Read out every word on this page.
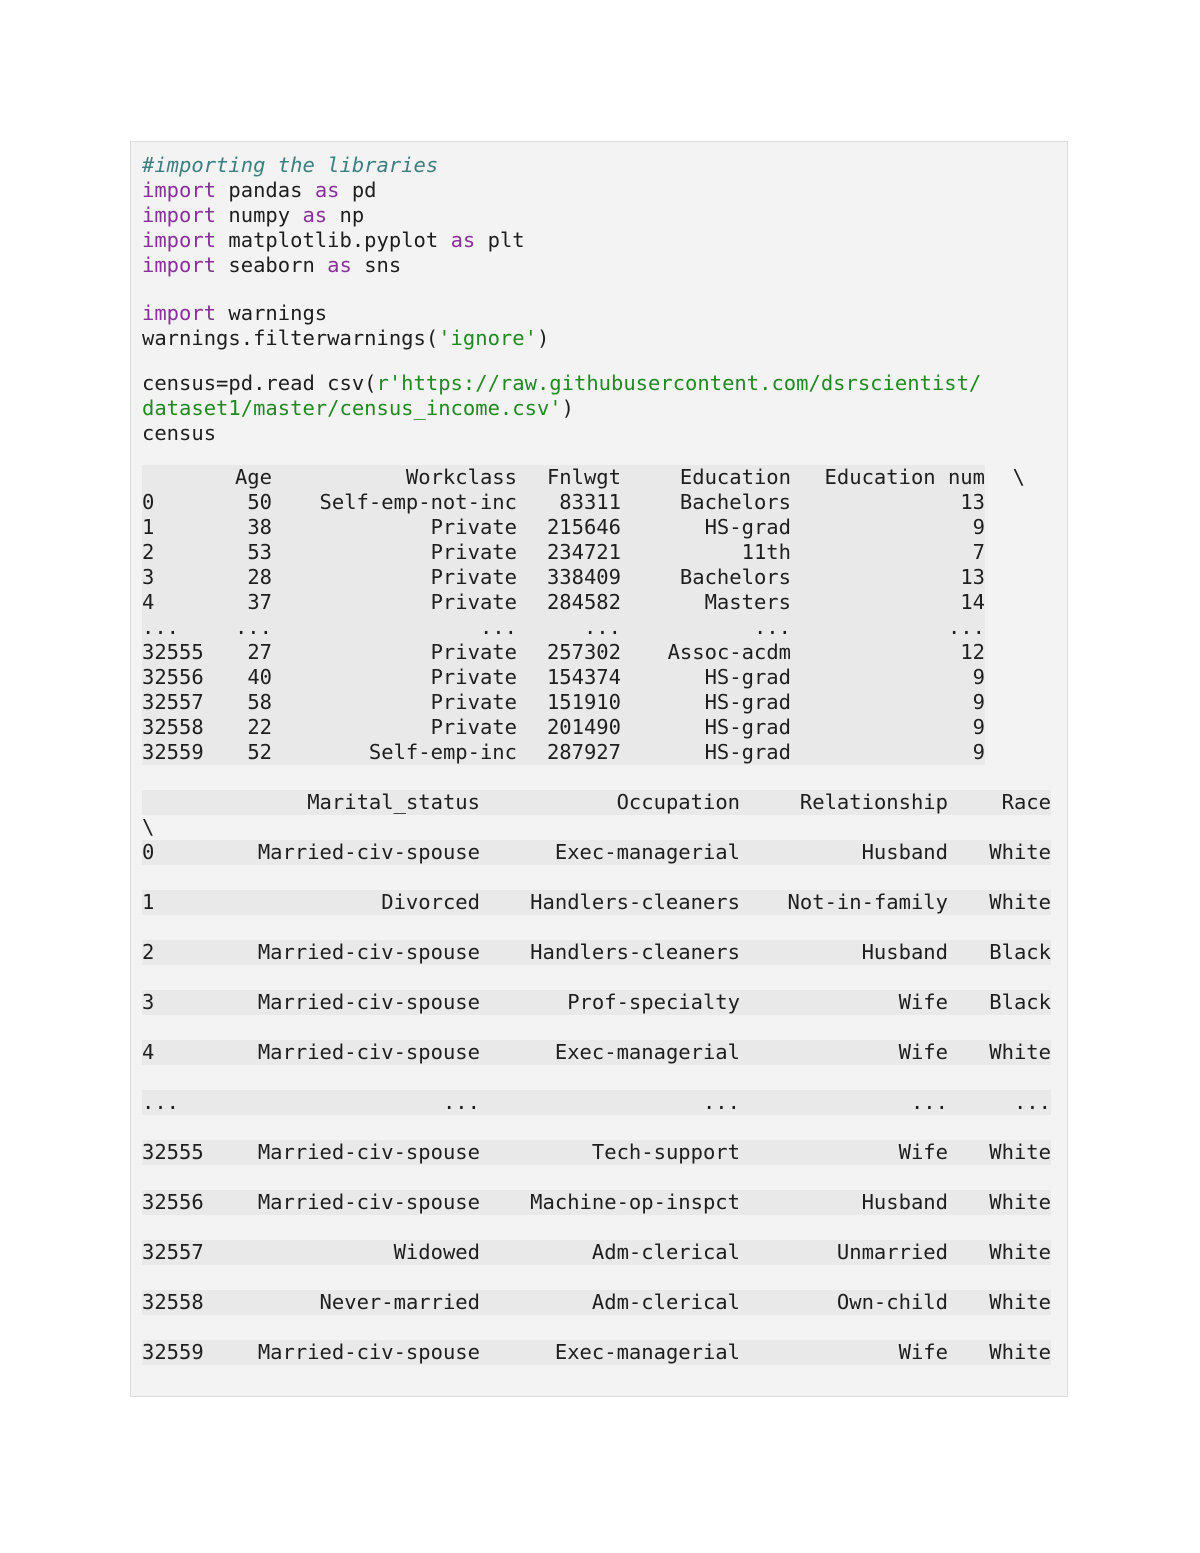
#importing the libraries

import pandas as pd

import numpy as np

import matplotlib.pyplot as plt

import seaborn as sns

import warnings

warnings.filterwarnings('ignore')

census=pd.read csv(r'https://raw.githubusercontent.com/dsrscientist/

dataset1/master/census_income.csv')

census

	Age	Workclass	Fnlwgt	Education	Education num	\
0	50	Self-emp-not-inc	83311	Bachelors	13	
1	38	Private	215646	HS-grad	9	
2	53	Private	234721	11th	7	
3	28	Private	338409	Bachelors	13	
4	37	Private	284582	Masters	14	
...	...	...	...	...	...	
32555	27	Private	257302	Assoc-acdm	12	
32556	40	Private	154374	HS-grad	9	
32557	58	Private	151910	HS-grad	9	
32558	22	Private	201490	HS-grad	9	
32559	52	Self-emp-inc	287927	HS-grad	9	

	Marital_status	Occupation	Relationship	Race
\				
0	Married-civ-spouse	Exec-managerial	Husband	White

1	Divorced	Handlers-cleaners	Not-in-family	White

2	Married-civ-spouse	Handlers-cleaners	Husband	Black

3	Married-civ-spouse	Prof-specialty	Wife	Black

4	Married-civ-spouse	Exec-managerial	Wife	White

...	...	...	...	...

32555	Married-civ-spouse	Tech-support	Wife	White

32556	Married-civ-spouse	Machine-op-inspct	Husband	White

32557	Widowed	Adm-clerical	Unmarried	White

32558	Never-married	Adm-clerical	Own-child	White

32559	Married-civ-spouse	Exec-managerial	Wife	White
